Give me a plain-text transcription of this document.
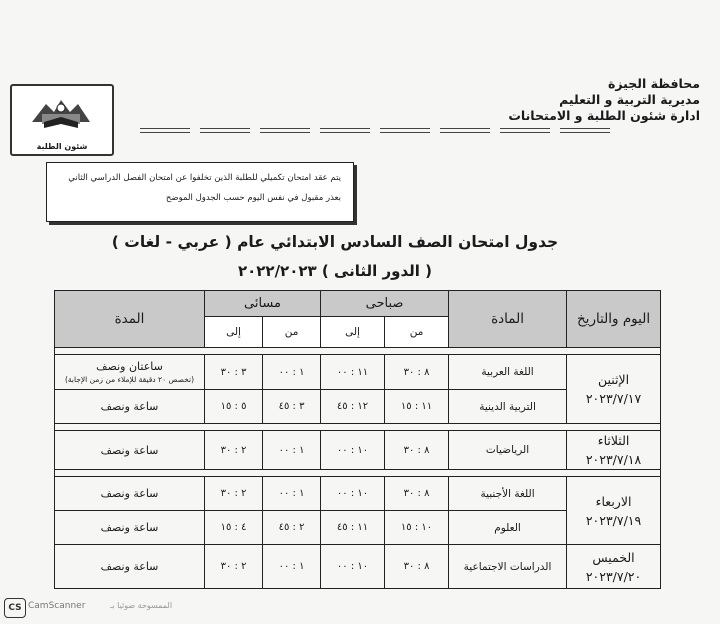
محافظة الجيزة
مديرية التربية و التعليم
ادارة شئون الطلبة و الامتحانات
شئون الطلبة
يتم عقد امتحان تكميلي للطلبة الذين تخلفوا عن امتحان الفصل الدراسي الثاني
بعذر مقبول في نفس اليوم حسب الجدول الموضح
جدول امتحان الصف السادس الابتدائي عام ( عربي - لغات )
( الدور الثانى ) ٢٠٢٢/٢٠٢٣
اليوم والتاريخ	المادة	صباحى		مسائى		المدة
		من	إلى	من	إلى	

الإثنين
٢٠٢٣/٧/١٧	اللغة العربية	٨ : ٣٠	١١ : ٠٠	١ : ٠٠	٣ : ٣٠	ساعتان ونصف
(تخصص ٢٠ دقيقة للإملاء من زمن الإجابة)

	التربية الدينية	١١ : ١٥	١٢ : ٤٥	٣ : ٤٥	٥ : ١٥	ساعة ونصف

الثلاثاء
٢٠٢٣/٧/١٨	الرياضيات	٨ : ٣٠	١٠ : ٠٠	١ : ٠٠	٢ : ٣٠	ساعة ونصف

الاربعاء
٢٠٢٣/٧/١٩	اللغة الأجنبية	٨ : ٣٠	١٠ : ٠٠	١ : ٠٠	٢ : ٣٠	ساعة ونصف
	العلوم	١٠ : ١٥	١١ : ٤٥	٢ : ٤٥	٤ : ١٥	ساعة ونصف
الخميس
٢٠٢٣/٧/٢٠	الدراسات الاجتماعية	٨ : ٣٠	١٠ : ٠٠	١ : ٠٠	٢ : ٣٠	ساعة ونصف
CS CamScanner	الممسوحة ضوئيا بـ
